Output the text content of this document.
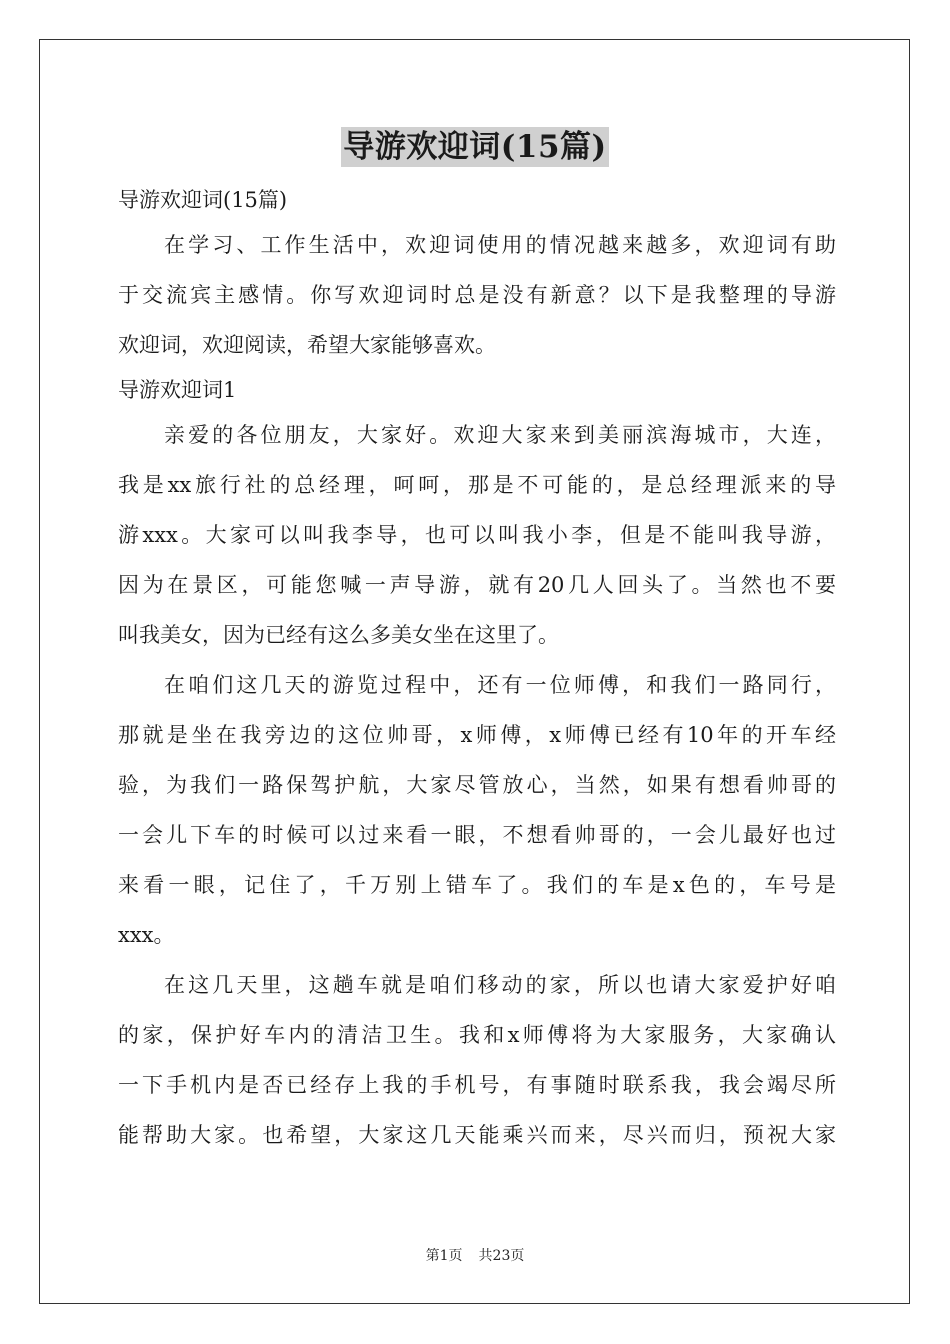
导游欢迎词(15篇)
导游欢迎词(15篇)
在学习、工作生活中，欢迎词使用的情况越来越多，欢迎词有助
于交流宾主感情。你写欢迎词时总是没有新意？以下是我整理的导游
欢迎词，欢迎阅读，希望大家能够喜欢。
导游欢迎词1
亲爱的各位朋友，大家好。欢迎大家来到美丽滨海城市，大连，
我是xx旅行社的总经理，呵呵，那是不可能的，是总经理派来的导
游xxx。大家可以叫我李导，也可以叫我小李，但是不能叫我导游，
因为在景区，可能您喊一声导游，就有20几人回头了。当然也不要
叫我美女，因为已经有这么多美女坐在这里了。
在咱们这几天的游览过程中，还有一位师傅，和我们一路同行，
那就是坐在我旁边的这位帅哥，x师傅，x师傅已经有10年的开车经
验，为我们一路保驾护航，大家尽管放心，当然，如果有想看帅哥的
一会儿下车的时候可以过来看一眼，不想看帅哥的，一会儿最好也过
来看一眼，记住了，千万别上错车了。我们的车是x色的，车号是
xxx。
在这几天里，这趟车就是咱们移动的家，所以也请大家爱护好咱
的家，保护好车内的清洁卫生。我和x师傅将为大家服务，大家确认
一下手机内是否已经存上我的手机号，有事随时联系我，我会竭尽所
能帮助大家。也希望，大家这几天能乘兴而来，尽兴而归，预祝大家
第1页 共23页
